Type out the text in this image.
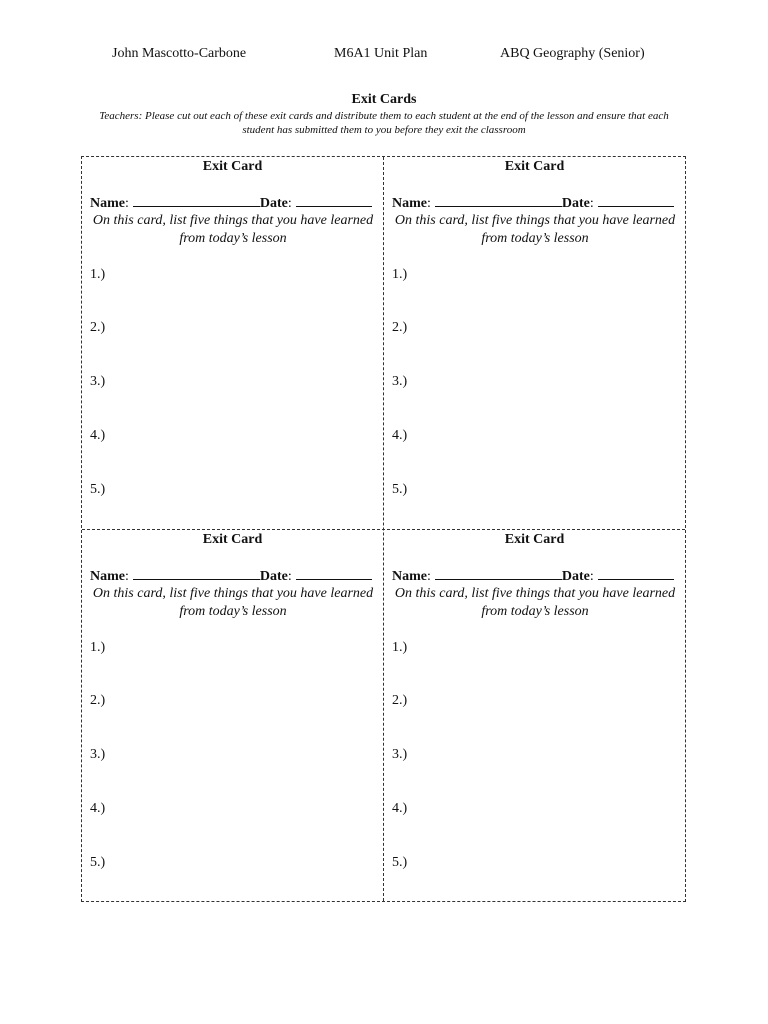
John Mascotto-Carbone	M6A1 Unit Plan	ABQ Geography (Senior)
Exit Cards
Teachers: Please cut out each of these exit cards and distribute them to each student at the end of the lesson and ensure that each student has submitted them to you before they exit the classroom
Exit Card
Name :	Date :
On this card, list five things that you have learned from today’s lesson
1.)
2.)
3.)
4.)
5.)
Exit Card
Name :	Date :
On this card, list five things that you have learned from today’s lesson
1.)
2.)
3.)
4.)
5.)
Exit Card
Name :	Date :
On this card, list five things that you have learned from today’s lesson
1.)
2.)
3.)
4.)
5.)
Exit Card
Name :	Date :
On this card, list five things that you have learned from today’s lesson
1.)
2.)
3.)
4.)
5.)
